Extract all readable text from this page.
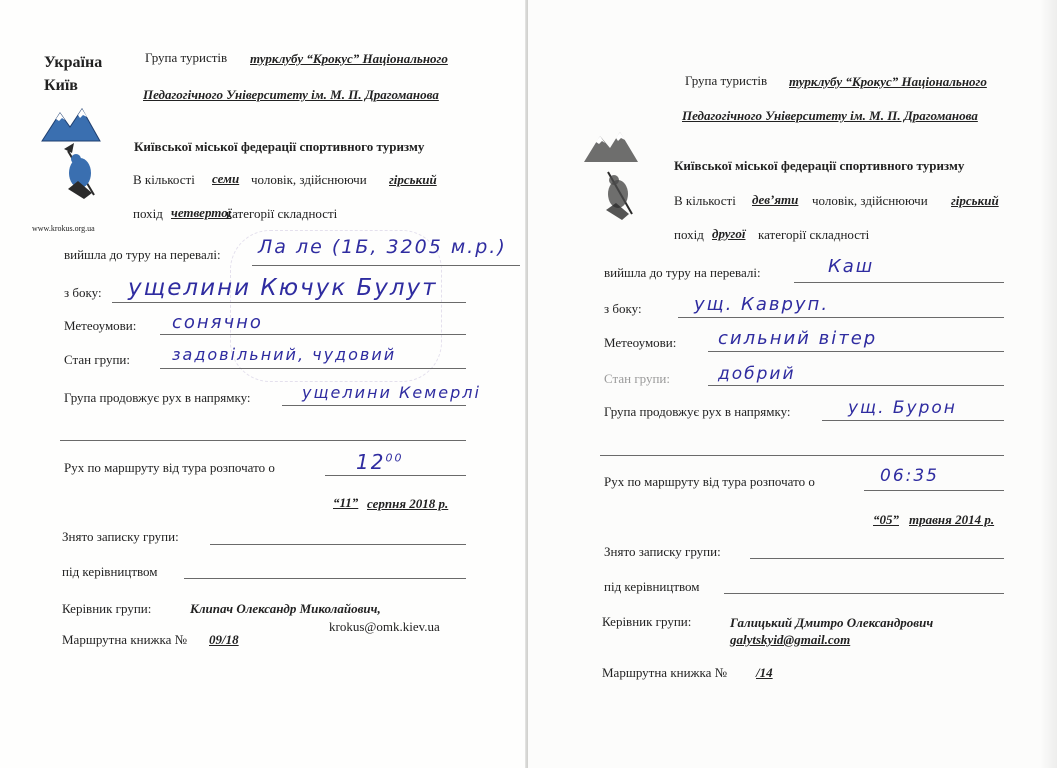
Україна
Київ
www.krokus.org.ua
Група туристів турклубу “Крокус” Національного
Педагогічного Університету ім. М. П. Драгоманова
Київської міської федерації спортивного туризму
В кількості семи чоловік, здійснюючи гірський
похід четвертої
категорії складності
вийшла до туру на перевалі: Ла ле (1Б, 3205 м.р.)
з боку: ущелини Кючук Булут
Метеоумови: сонячно
Стан групи:	задовільний, чудовий
Група продовжує рух в напрямку:	ущелини Кемерлі
Рух по маршруту від тура розпочато о	$12^{00}$
“11” серпня 2018 р.
Знято записку групи:
під керівництвом
Керівник групи:	Клипач Олександр Миколайович,
krokus@omk.kiev.ua
Маршрутна книжка № 09/18
Група туристів турклубу “Крокус” Національного
Педагогічного Університету ім. М. П. Драгоманова
Київської міської федерації спортивного туризму
В кількості дев’яти чоловік, здійснюючи гірський
похід другої категорії складності
вийшла до туру на перевалі:	Каш
з боку:	ущ. Кавруп.
Метеоумови: сильний вітер
Стан групи:	добрий
Група продовжує рух в напрямку:	ущ. Бурон
Рух по маршруту від тура розпочато о	06:35
“05” травня 2014 р.
Знято записку групи:
під керівництвом
Керівник групи:	Галицький Дмитро Олександрович
galytskyid@gmail.com
Маршрутна книжка № /14
